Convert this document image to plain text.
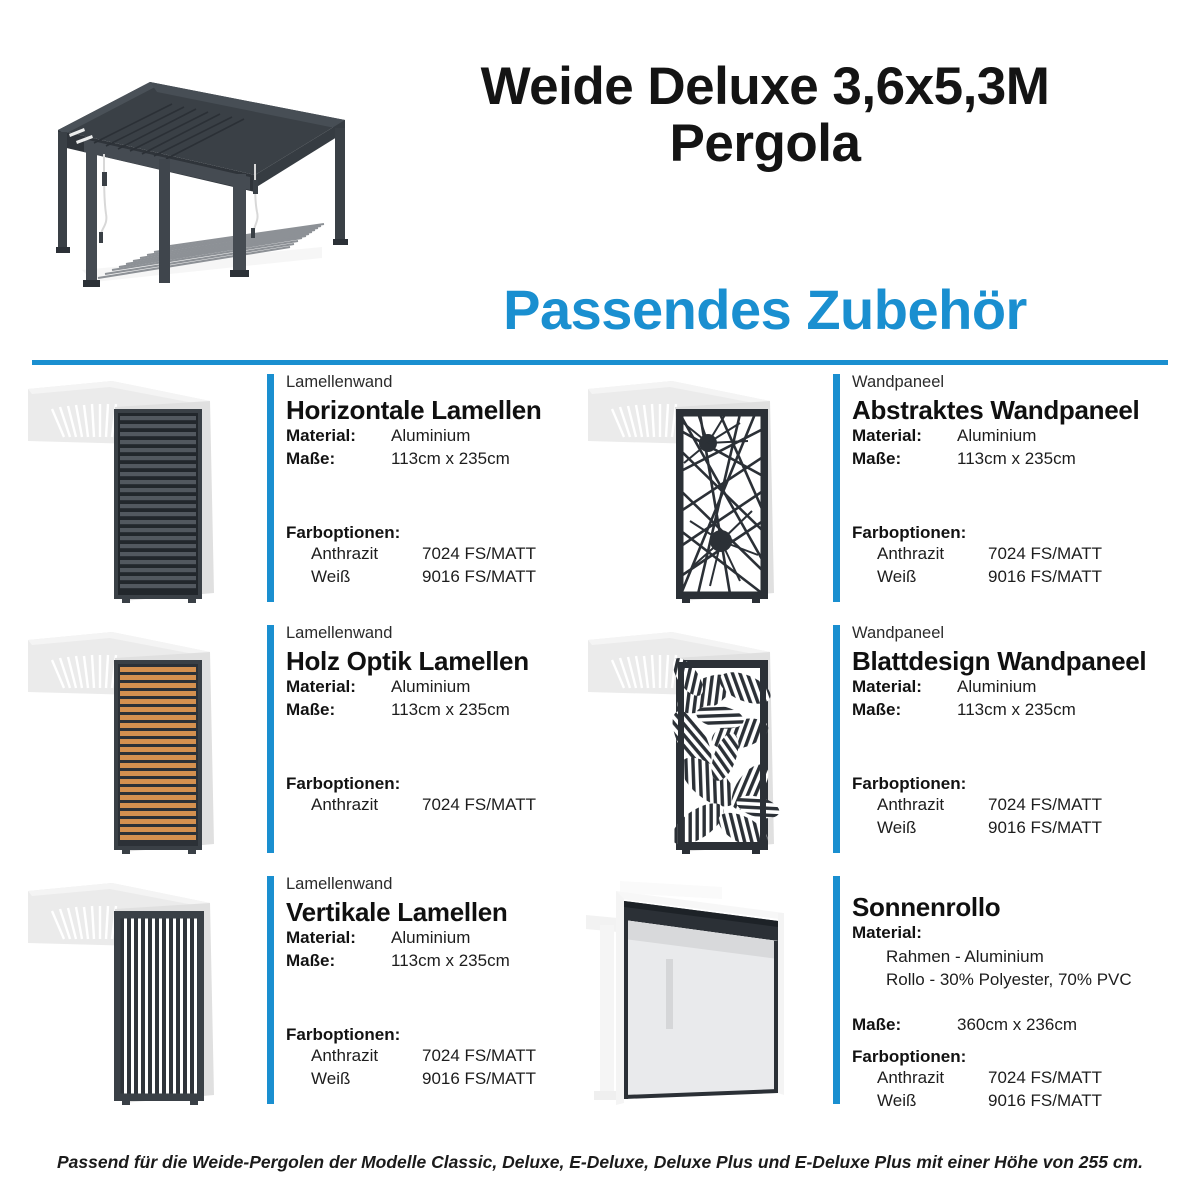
Weide Deluxe 3,6x5,3M
Pergola
Passendes Zubehör
Lamellenwand
Horizontale Lamellen
Material:	Aluminium
Maße:	113cm x 235cm
Farboptionen:
Anthrazit	7024 FS/MATT
Weiß	9016 FS/MATT
Wandpaneel
Abstraktes Wandpaneel
Material:	Aluminium
Maße:	113cm x 235cm
Farboptionen:
Anthrazit	7024 FS/MATT
Weiß	9016 FS/MATT
Lamellenwand
Holz Optik Lamellen
Material:	Aluminium
Maße:	113cm x 235cm
Farboptionen:
Anthrazit	7024 FS/MATT
Wandpaneel
Blattdesign Wandpaneel
Material:	Aluminium
Maße:	113cm x 235cm
Farboptionen:
Anthrazit	7024 FS/MATT
Weiß	9016 FS/MATT
Lamellenwand
Vertikale Lamellen
Material:	Aluminium
Maße:	113cm x 235cm
Farboptionen:
Anthrazit	7024 FS/MATT
Weiß	9016 FS/MATT
Sonnenrollo
Material:
Rahmen - Aluminium
Rollo - 30% Polyester, 70% PVC
Maße:	360cm x 236cm
Farboptionen:
Anthrazit	7024 FS/MATT
Weiß	9016 FS/MATT
Passend für die Weide-Pergolen der Modelle Classic, Deluxe, E-Deluxe, Deluxe Plus und E-Deluxe Plus mit einer Höhe von 255 cm.
